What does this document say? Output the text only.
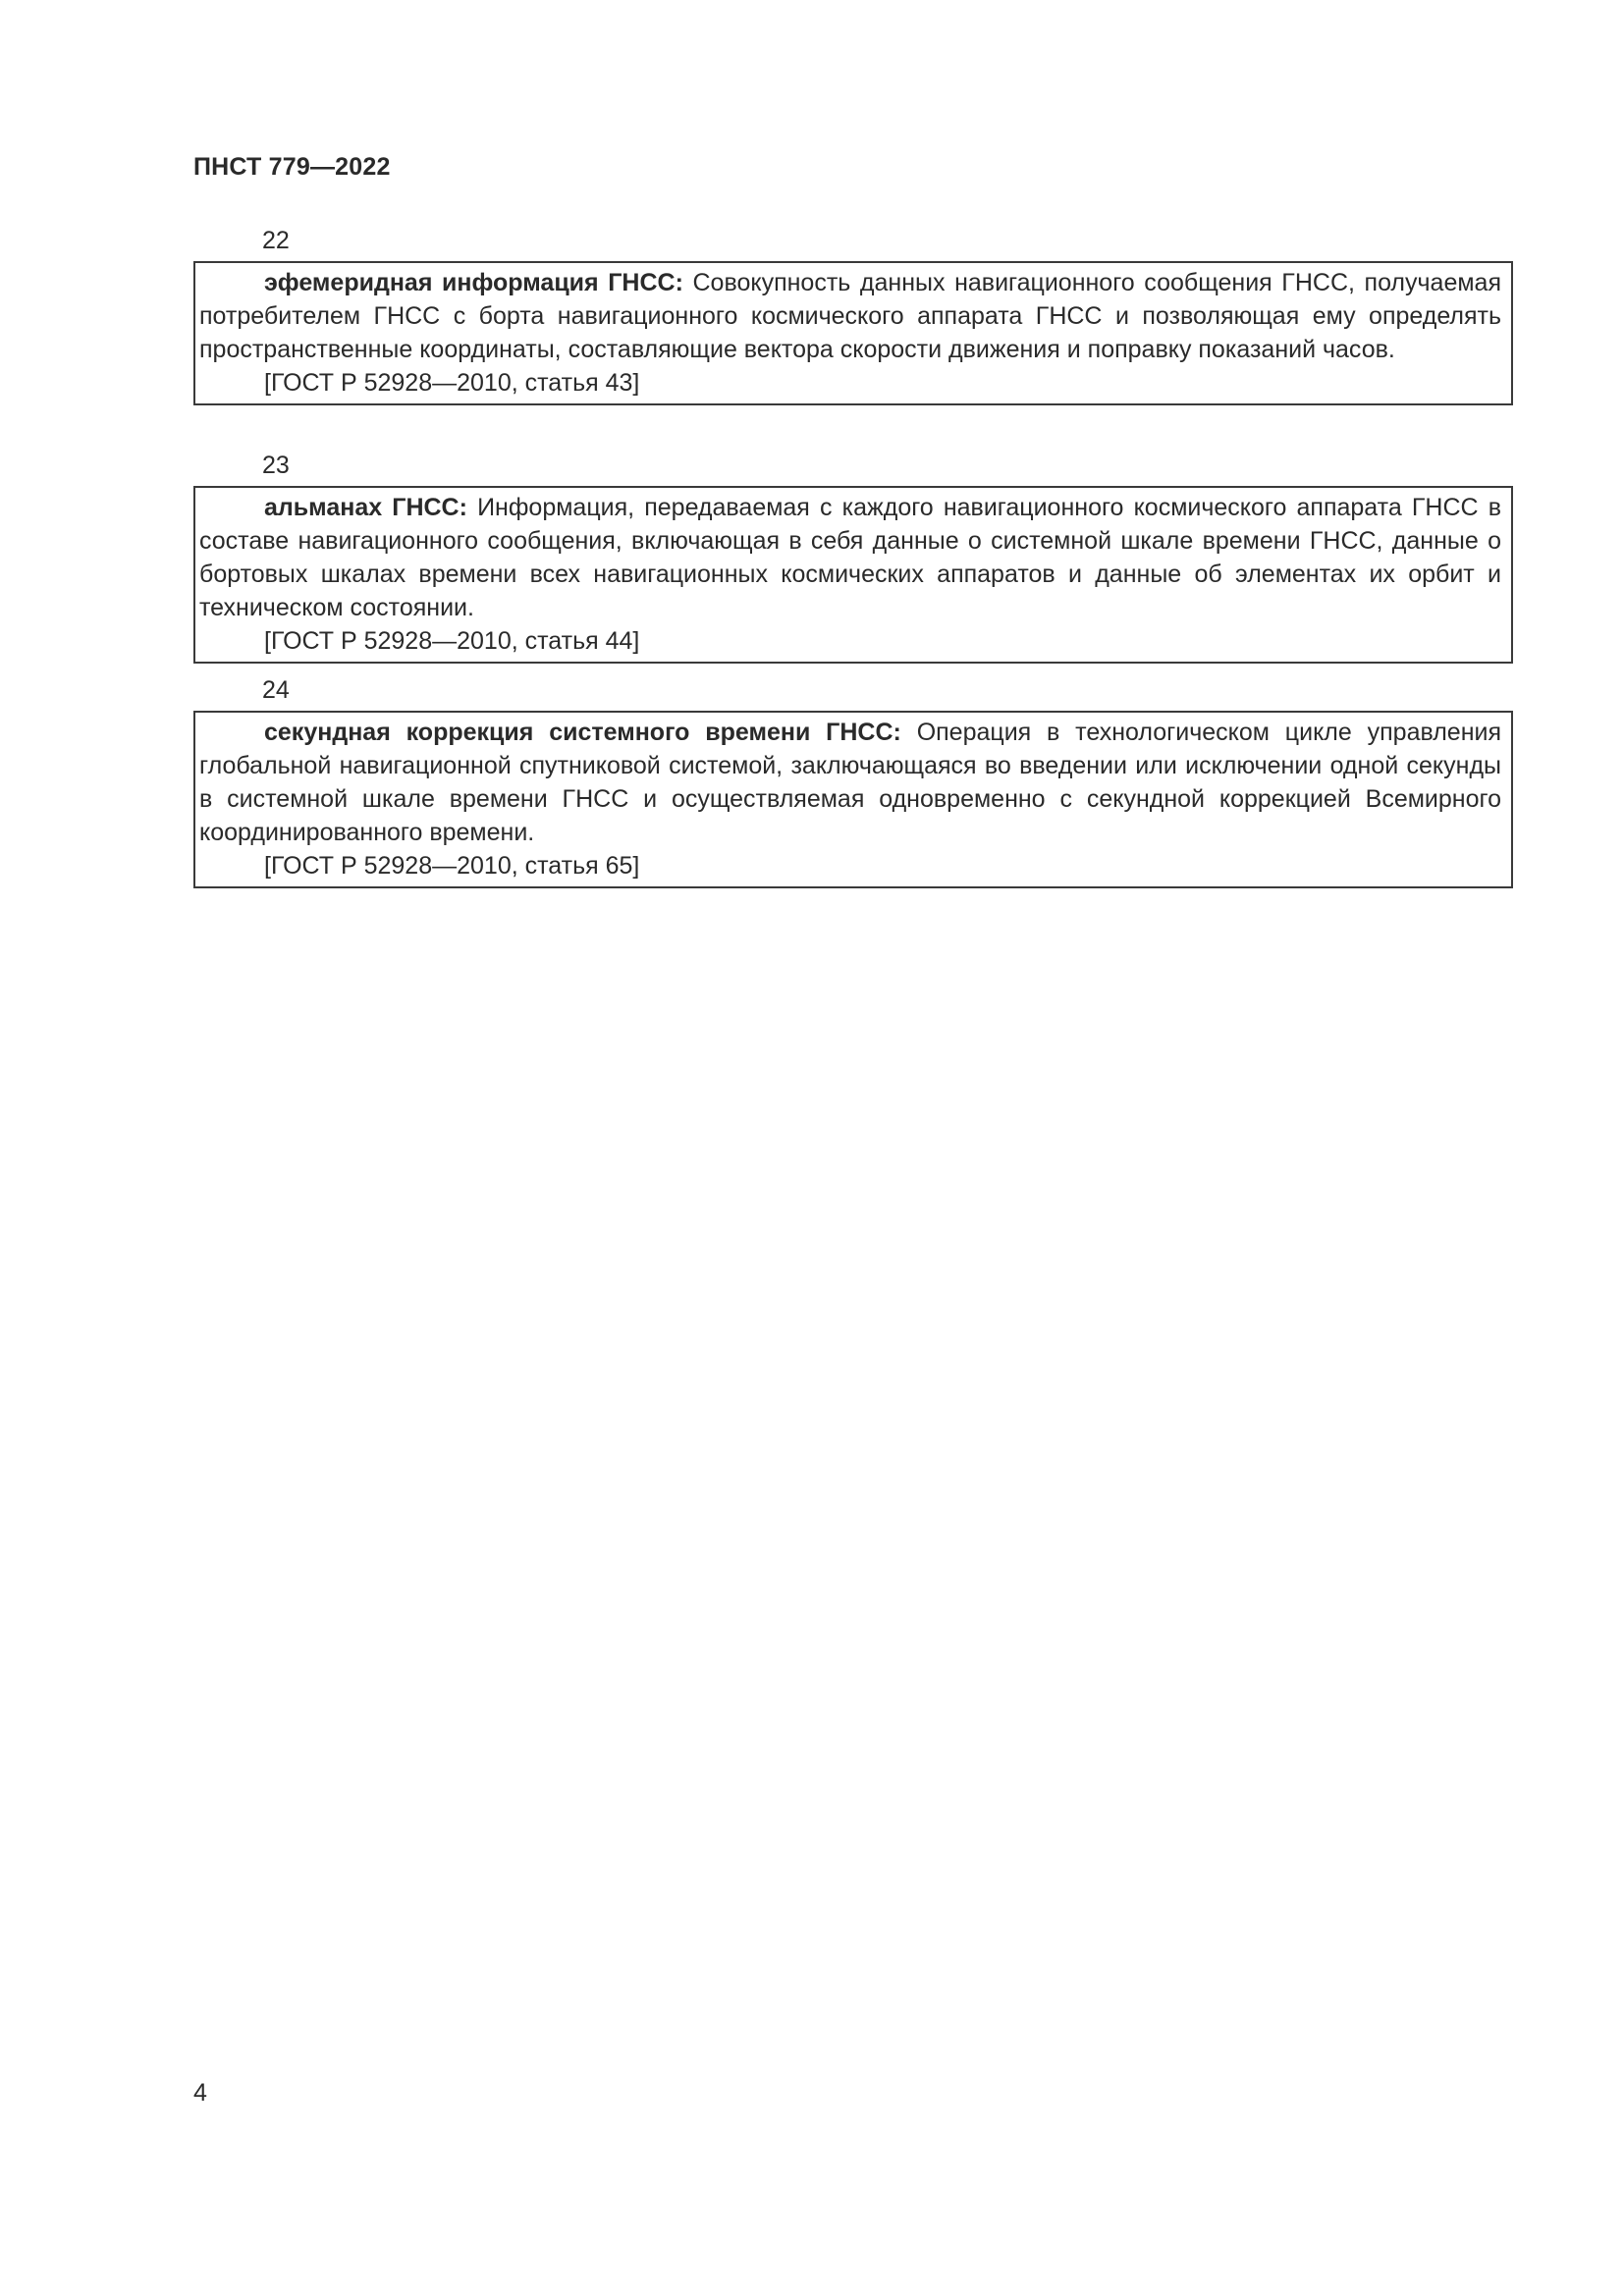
ПНСТ 779—2022
22

эфемеридная информация ГНСС: Совокупность данных навигационного сообщения ГНСС, получаемая потребителем ГНСС с борта навигационного космического аппарата ГНСС и позволяющая ему определять пространственные координаты, составляющие вектора скорости движения и поправку показаний часов.

[ГОСТ Р 52928—2010, статья 43]

23

альманах ГНСС: Информация, передаваемая с каждого навигационного космического аппарата ГНСС в составе навигационного сообщения, включающая в себя данные о системной шкале времени ГНСС, данные о бортовых шкалах времени всех навигационных космических аппаратов и данные об элементах их орбит и техническом состоянии.

[ГОСТ Р 52928—2010, статья 44]

24

секундная коррекция системного времени ГНСС: Операция в технологическом цикле управления глобальной навигационной спутниковой системой, заключающаяся во введении или исключении одной секунды в системной шкале времени ГНСС и осуществляемая одновременно с секундной коррекцией Всемирного координированного времени.

[ГОСТ Р 52928—2010, статья 65]

4
